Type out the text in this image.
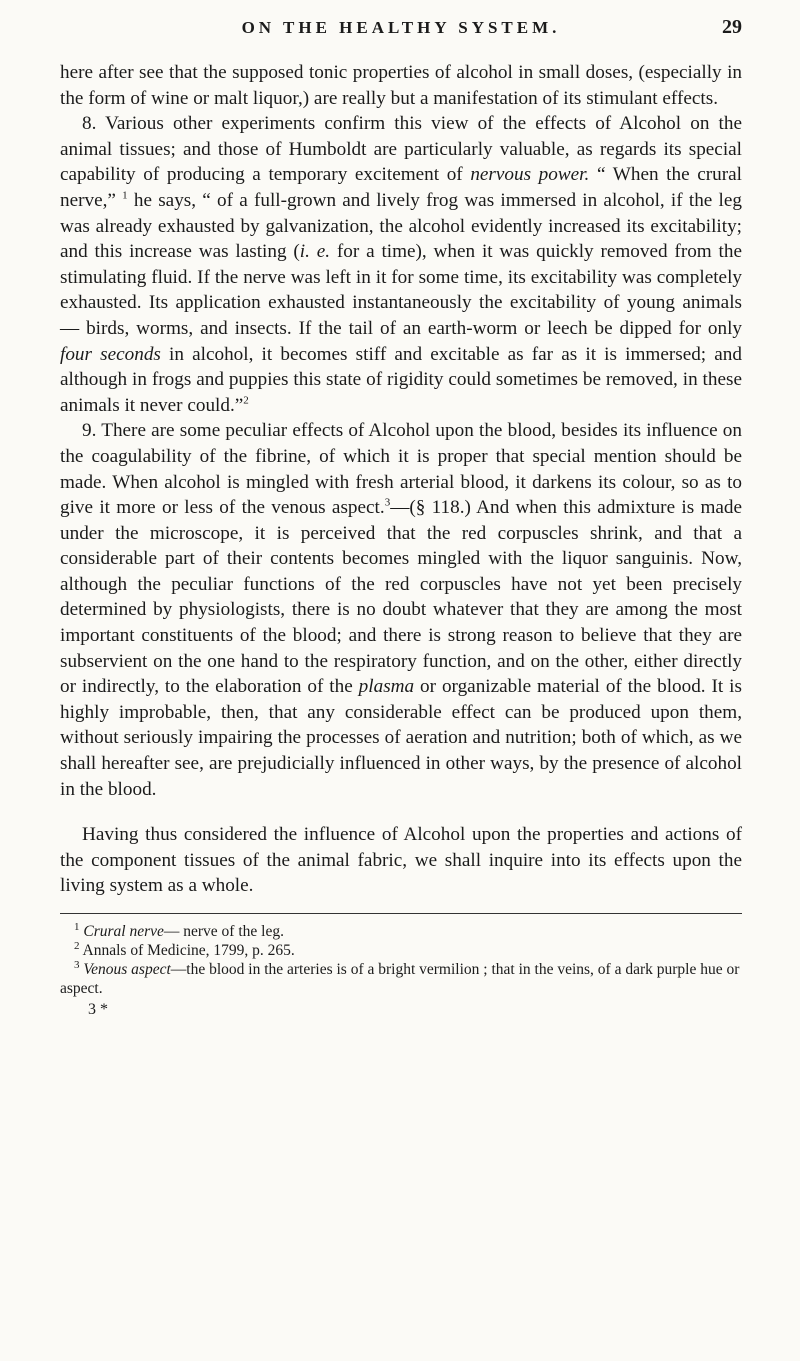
ON THE HEALTHY SYSTEM.	29

here after see that the supposed tonic properties of alcohol in small doses, (especially in the form of wine or malt liquor,) are really but a manifestation of its stimulant effects.

8. Various other experiments confirm this view of the effects of Alcohol on the animal tissues; and those of Humboldt are particularly valuable, as regards its special capability of producing a temporary excitement of nervous power. “ When the crural nerve,” $^1$ he says, “ of a full-grown and lively frog was immersed in alcohol, if the leg was already exhausted by galvanization, the alcohol evidently increased its excitability; and this increase was lasting (i. e. for a time), when it was quickly removed from the stimulating fluid. If the nerve was left in it for some time, its excitability was completely exhausted. Its application exhausted instantaneously the excitability of young animals — birds, worms, and insects. If the tail of an earth-worm or leech be dipped for only four seconds in alcohol, it becomes stiff and excitable as far as it is immersed; and although in frogs and puppies this state of rigidity could sometimes be removed, in these animals it never could.”$^2$

9. There are some peculiar effects of Alcohol upon the blood, besides its influence on the coagulability of the fibrine, of which it is proper that special mention should be made. When alcohol is mingled with fresh arterial blood, it darkens its colour, so as to give it more or less of the venous aspect.$^3$—(§ 118.) And when this admixture is made under the microscope, it is perceived that the red corpuscles shrink, and that a considerable part of their contents becomes mingled with the liquor sanguinis. Now, although the peculiar functions of the red corpuscles have not yet been precisely determined by physiologists, there is no doubt whatever that they are among the most important constituents of the blood; and there is strong reason to believe that they are subservient on the one hand to the respiratory function, and on the other, either directly or indirectly, to the elaboration of the plasma or organizable material of the blood. It is highly improbable, then, that any considerable effect can be produced upon them, without seriously impairing the processes of aeration and nutrition; both of which, as we shall hereafter see, are prejudicially influenced in other ways, by the presence of alcohol in the blood.

Having thus considered the influence of Alcohol upon the properties and actions of the component tissues of the animal fabric, we shall inquire into its effects upon the living system as a whole.

$^1$ Crural nerve— nerve of the leg.

$^2$ Annals of Medicine, 1799, p. 265.

$^3$ Venous aspect—the blood in the arteries is of a bright vermilion ; that in the veins, of a dark purple hue or aspect.

3 *
